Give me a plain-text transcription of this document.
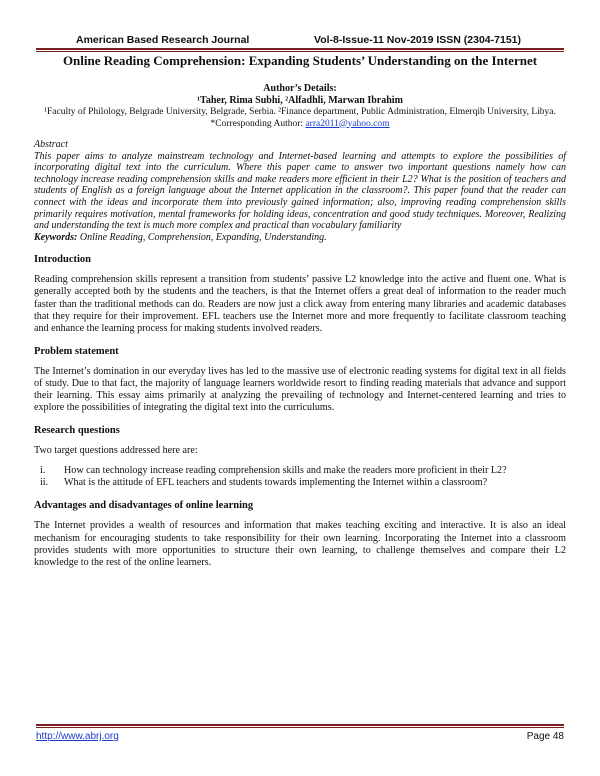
American Based Research Journal	Vol-8-Issue-11 Nov-2019 ISSN (2304-7151)
Online Reading Comprehension: Expanding Students’ Understanding on the Internet
Author’s Details:
¹Taher, Rima Subhi, ²Alfadhli, Marwan Ibrahim
¹Faculty of Philology, Belgrade University, Belgrade, Serbia. ²Finance department, Public Administration, Elmerqib University, Libya. *Corresponding Author: arra2011@yahoo.com
Abstract
This paper aims to analyze mainstream technology and Internet-based learning and attempts to explore the possibilities of incorporating digital text into the curriculum. Where this paper came to answer two important questions namely how can technology increase reading comprehension skills and make readers more efficient in their L2? What is the position of teachers and students of English as a foreign language about the Internet application in the classroom?. This paper found that the reader can connect with the ideas and incorporate them into previously gained information; also, improving reading comprehension skills primarily requires motivation, mental frameworks for holding ideas, concentration and good study techniques. Moreover, Realizing and understanding the text is much more complex and practical than vocabulary familiarity
Keywords: Online Reading, Comprehension, Expanding, Understanding.
Introduction

Reading comprehension skills represent a transition from students’ passive L2 knowledge into the active and fluent one. What is generally accepted both by the students and the teachers, is that the Internet offers a great deal of information to the reader much faster than the traditional methods can do. Readers are now just a click away from entering many libraries and academic databases that they require for their improvement. EFL teachers use the Internet more and more frequently to facilitate classroom teaching and enhance the learning process for making students involved readers.

Problem statement

The Internet’s domination in our everyday lives has led to the massive use of electronic reading systems for digital text in all fields of study. Due to that fact, the majority of language learners worldwide resort to finding reading materials that advance and support their learning. This essay aims primarily at analyzing the prevailing of technology and Internet-centered learning and tries to explore the possibilities of integrating the digital text into the curriculums.

Research questions

Two target questions addressed here are:

i.	How can technology increase reading comprehension skills and make the readers more proficient in their L2?
ii.	What is the attitude of EFL teachers and students towards implementing the Internet within a classroom?
Advantages and disadvantages of online learning

The Internet provides a wealth of resources and information that makes teaching exciting and interactive. It is also an ideal mechanism for encouraging students to take responsibility for their own learning. Incorporating the Internet into a classroom provides students with more opportunities to structure their own learning, to challenge themselves and compare their L2 knowledge to the rest of the online learners.

http://www.abrj.org	Page 48
